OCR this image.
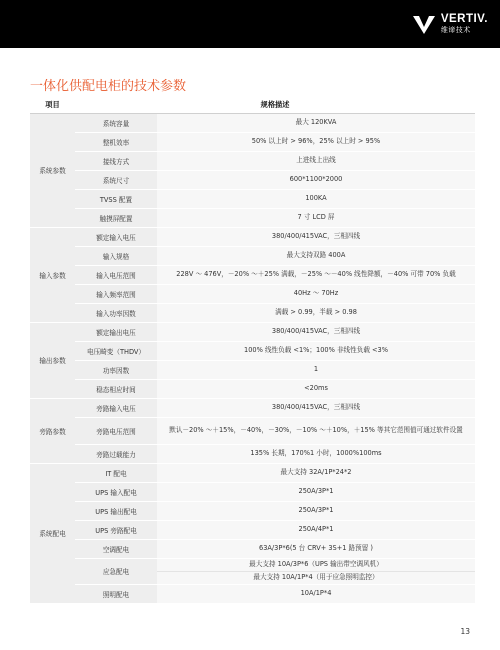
VERTIV.
维谛技术
一体化供配电柜的技术参数
项目	规格描述	
系统参数	系统容量	最大 120KVA
	整机效率	50% 以上时 > 96%，25% 以上时 > 95%
	接线方式	上进线上出线
	系统尺寸	600*1100*2000
	TVSS 配置	100KA
	触摸屏配置	7 寸 LCD 屏
输入参数	额定输入电压	380/400/415VAC，三相四线
	输入规格	最大支持双路 400A
	输入电压范围	228V ～ 476V，－20% ～＋25% 满载，－25% ～－40% 线性降额，－40% 可带 70% 负载
	输入频率范围	40Hz ～ 70Hz
	输入功率因数	满载 > 0.99，半载 > 0.98
输出参数	额定输出电压	380/400/415VAC，三相四线
	电压畸变（THDV）	100% 线性负载 <1%；100% 非线性负载 <3%
	功率因数	1
	稳态相应时间	<20ms
旁路参数	旁路输入电压	380/400/415VAC，三相四线
	旁路电压范围	默认－20% ～＋15%，－40%，－30%，－10% ～＋10%，＋15% 等其它范围值可通过软件设置
	旁路过载能力	135% 长期，170%1 小时，1000%100ms
系统配电	IT 配电	最大支持 32A/1P*24*2
	UPS 输入配电	250A/3P*1
	UPS 输出配电	250A/3P*1
	UPS 旁路配电	250A/4P*1
	空调配电	63A/3P*6(5 台 CRV+ 3S+1 路预留 )
	应急配电	最大支持 10A/3P*6（UPS 输出带空调风机）
		最大支持 10A/1P*4（用于应急照明监控）
	照明配电	10A/1P*4
13
